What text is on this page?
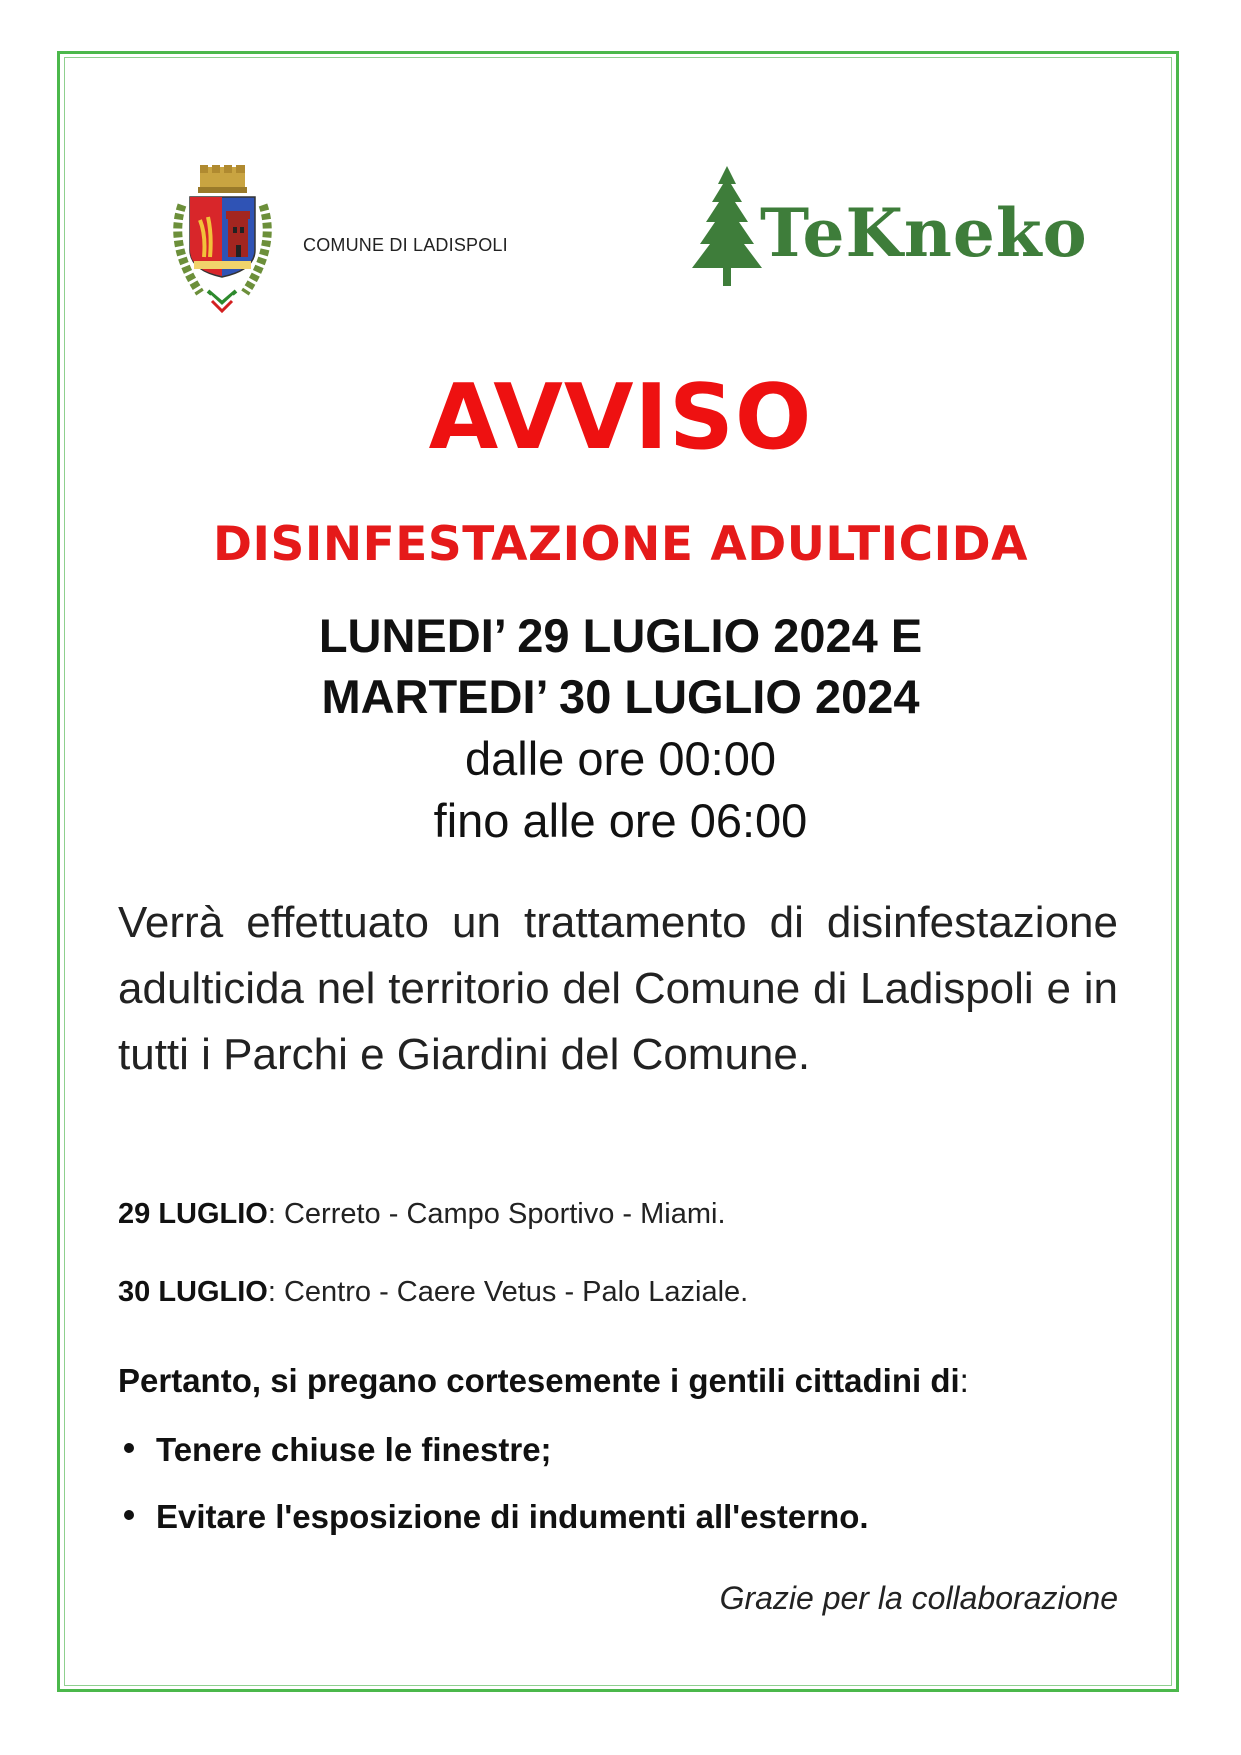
COMUNE DI LADISPOLI	TeKneko
AVVISO
DISINFESTAZIONE ADULTICIDA
LUNEDI’ 29 LUGLIO 2024 E
MARTEDI’ 30 LUGLIO 2024
dalle ore 00:00
fino alle ore 06:00
Verrà effettuato un trattamento di disinfestazione adulticida nel territorio del Comune di Ladispoli e in tutti i Parchi e Giardini del Comune.
29 LUGLIO: Cerreto - Campo Sportivo - Miami.
30 LUGLIO: Centro - Caere Vetus - Palo Laziale.
Pertanto, si pregano cortesemente i gentili cittadini di:
Tenere chiuse le finestre;
Evitare l'esposizione di indumenti all'esterno.
Grazie per la collaborazione
